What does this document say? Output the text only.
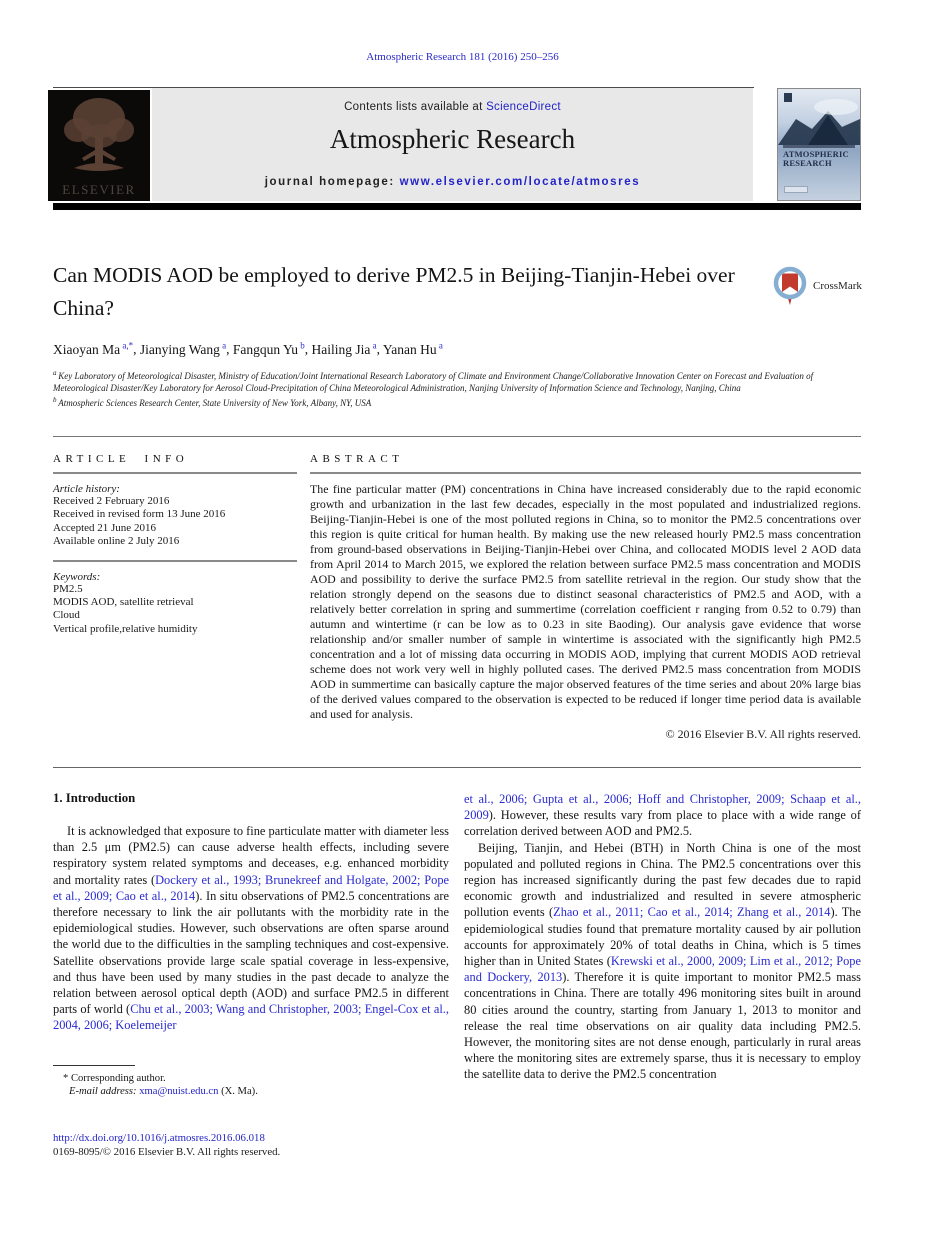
Atmospheric Research 181 (2016) 250–256
ELSEVIER
Contents lists available at ScienceDirect
Atmospheric Research
journal homepage: www.elsevier.com/locate/atmosres
ATMOSPHERIC RESEARCH
Can MODIS AOD be employed to derive PM2.5 in Beijing-Tianjin-Hebei over China?
CrossMark
Xiaoyan Ma $^{a,*}$, Jianying Wang $^a$, Fangqun Yu $^b$, Hailing Jia $^a$, Yanan Hu $^a$
$^a$ Key Laboratory of Meteorological Disaster, Ministry of Education/Joint International Research Laboratory of Climate and Environment Change/Collaborative Innovation Center on Forecast and Evaluation of Meteorological Disaster/Key Laboratory for Aerosol Cloud-Precipitation of China Meteorological Administration, Nanjing University of Information Science and Technology, Nanjing, China
$^b$ Atmospheric Sciences Research Center, State University of New York, Albany, NY, USA
ARTICLE INFO
Article history:
Received 2 February 2016
Received in revised form 13 June 2016
Accepted 21 June 2016
Available online 2 July 2016
Keywords:
PM2.5
MODIS AOD, satellite retrieval
Cloud
Vertical profile,relative humidity
ABSTRACT
The fine particular matter (PM) concentrations in China have increased considerably due to the rapid economic growth and urbanization in the last few decades, especially in the most populated and industrialized regions. Beijing-Tianjin-Hebei is one of the most polluted regions in China, so to monitor the PM2.5 concentrations over this region is quite critical for human health. By making use the new released hourly PM2.5 mass concentration from ground-based observations in Beijing-Tianjin-Hebei over China, and collocated MODIS level 2 AOD data from April 2014 to March 2015, we explored the relation between surface PM2.5 mass concentration and MODIS AOD and possibility to derive the surface PM2.5 from satellite retrieval in the region. Our study show that the relation strongly depend on the seasons due to distinct seasonal characteristics of PM2.5 and AOD, with a relatively better correlation in spring and summertime (correlation coefficient r ranging from 0.52 to 0.79) than autumn and wintertime (r can be low as to 0.23 in site Baoding). Our analysis gave evidence that worse relationship and/or smaller number of sample in wintertime is associated with the significantly high PM2.5 concentration and a lot of missing data occurring in MODIS AOD, implying that current MODIS AOD retrieval scheme does not work very well in highly polluted cases. The derived PM2.5 mass concentration from MODIS AOD in summertime can basically capture the major observed features of the time series and about 20% large bias of the derived values compared to the observation is expected to be reduced if longer time period data is available and used for analysis.
© 2016 Elsevier B.V. All rights reserved.
1. Introduction

It is acknowledged that exposure to fine particulate matter with diameter less than 2.5 μm (PM2.5) can cause adverse health effects, including severe respiratory system related symptoms and deceases, e.g. enhanced morbidity and mortality rates (Dockery et al., 1993; Brunekreef and Holgate, 2002; Pope et al., 2009; Cao et al., 2014). In situ observations of PM2.5 concentrations are therefore necessary to link the air pollutants with the morbidity rate in the epidemiological studies. However, such observations are often sparse around the world due to the difficulties in the sampling techniques and cost-expensive. Satellite observations provide large scale spatial coverage in less-expensive, and thus have been used by many studies in the past decade to analyze the relation between aerosol optical depth (AOD) and surface PM2.5 in different parts of world (Chu et al., 2003; Wang and Christopher, 2003; Engel-Cox et al., 2004, 2006; Koelemeijer

et al., 2006; Gupta et al., 2006; Hoff and Christopher, 2009; Schaap et al., 2009). However, these results vary from place to place with a wide range of correlation derived between AOD and PM2.5.

Beijing, Tianjin, and Hebei (BTH) in North China is one of the most populated and polluted regions in China. The PM2.5 concentrations over this region has increased significantly during the past few decades due to rapid economic growth and industrialized and resulted in severe atmospheric pollution events (Zhao et al., 2011; Cao et al., 2014; Zhang et al., 2014). The epidemiological studies found that premature mortality caused by air pollution accounts for approximately 20% of total deaths in China, which is 5 times higher than in United States (Krewski et al., 2000, 2009; Lim et al., 2012; Pope and Dockery, 2013). Therefore it is quite important to monitor PM2.5 mass concentrations in China. There are totally 496 monitoring sites built in around 80 cities around the country, starting from January 1, 2013 to monitor and release the real time observations on air quality data including PM2.5. However, the monitoring sites are not dense enough, particularly in rural areas where the monitoring sites are extremely sparse, thus it is necessary to employ the satellite data to derive the PM2.5 concentration

* Corresponding author.
E-mail address: xma@nuist.edu.cn (X. Ma).
http://dx.doi.org/10.1016/j.atmosres.2016.06.018
0169-8095/© 2016 Elsevier B.V. All rights reserved.
